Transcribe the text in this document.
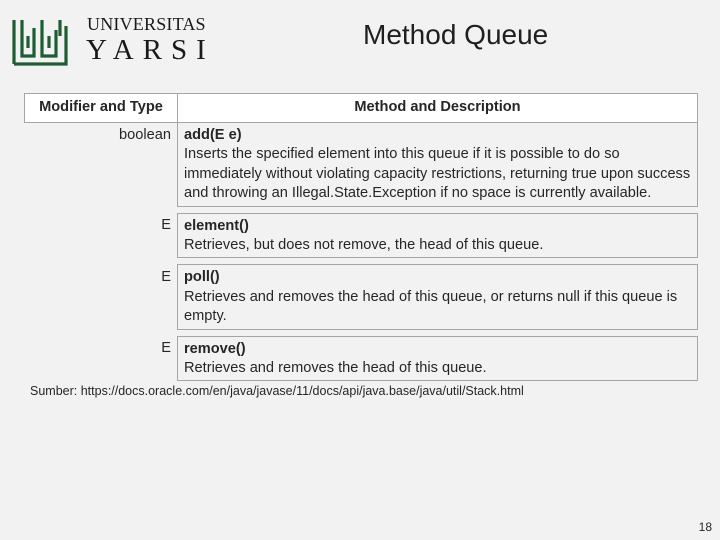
UNIVERSITAS
YARSI	Method Queue
Modifier and Type	Method and Description
boolean	add(E e)
Inserts the specified element into this queue if it is possible to do so immediately without violating capacity restrictions, returning true upon success and throwing an Illegal.State.Exception if no space is currently available.

E	element()
Retrieves, but does not remove, the head of this queue.

E	poll()
Retrieves and removes the head of this queue, or returns null if this queue is empty.

E	remove()
Retrieves and removes the head of this queue.
Sumber: https://docs.oracle.com/en/java/javase/11/docs/api/java.base/java/util/Stack.html
18
